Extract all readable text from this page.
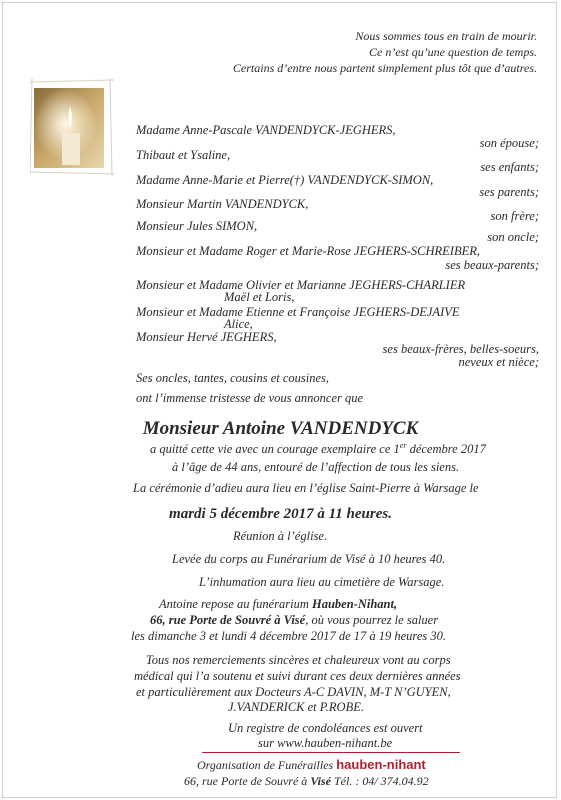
Nous sommes tous en train de mourir.
Ce n’est qu’une question de temps.
Certains d’entre nous partent simplement plus tôt que d’autres.
Madame Anne-Pascale VANDENDYCK-JEGHERS,
son épouse;
Thibaut et Ysaline,
ses enfants;
Madame Anne-Marie et Pierre(†) VANDENDYCK-SIMON,
ses parents;
Monsieur Martin VANDENDYCK,
son frère;
Monsieur Jules SIMON,
son oncle;
Monsieur et Madame Roger et Marie-Rose JEGHERS-SCHREIBER,
ses beaux-parents;
Monsieur et Madame Olivier et Marianne JEGHERS-CHARLIER
Maël et Loris,
Monsieur et Madame Etienne et Françoise JEGHERS-DEJAIVE
Alice,
Monsieur Hervé JEGHERS,
ses beaux-frères, belles-soeurs,
neveux et nièce;
Ses oncles, tantes, cousins et cousines,
ont l’immense tristesse de vous annoncer que
Monsieur Antoine VANDENDYCK
a quitté cette vie avec un courage exemplaire ce 1er décembre 2017
à l’âge de 44 ans, entouré de l’affection de tous les siens.
La cérémonie d’adieu aura lieu en l’église Saint-Pierre à Warsage le
mardi 5 décembre 2017 à 11 heures.
Réunion à l’église.
Levée du corps au Funérarium de Visé à 10 heures 40.
L’inhumation aura lieu au cimetière de Warsage.
Antoine repose au funérarium Hauben-Nihant,
66, rue Porte de Souvré à Visé, où vous pourrez le saluer
les dimanche 3 et lundi 4 décembre 2017 de 17 à 19 heures 30.
Tous nos remerciements sincères et chaleureux vont au corps
médical qui l’a soutenu et suivi durant ces deux dernières années
et particulièrement aux Docteurs A-C DAVIN, M-T N’GUYEN,
J.VANDERICK et P.ROBE.
Un registre de condoléances est ouvert
sur www.hauben-nihant.be
Organisation de Funérailles hauben-nihant
66, rue Porte de Souvré à Visé Tél. : 04/ 374.04.92
